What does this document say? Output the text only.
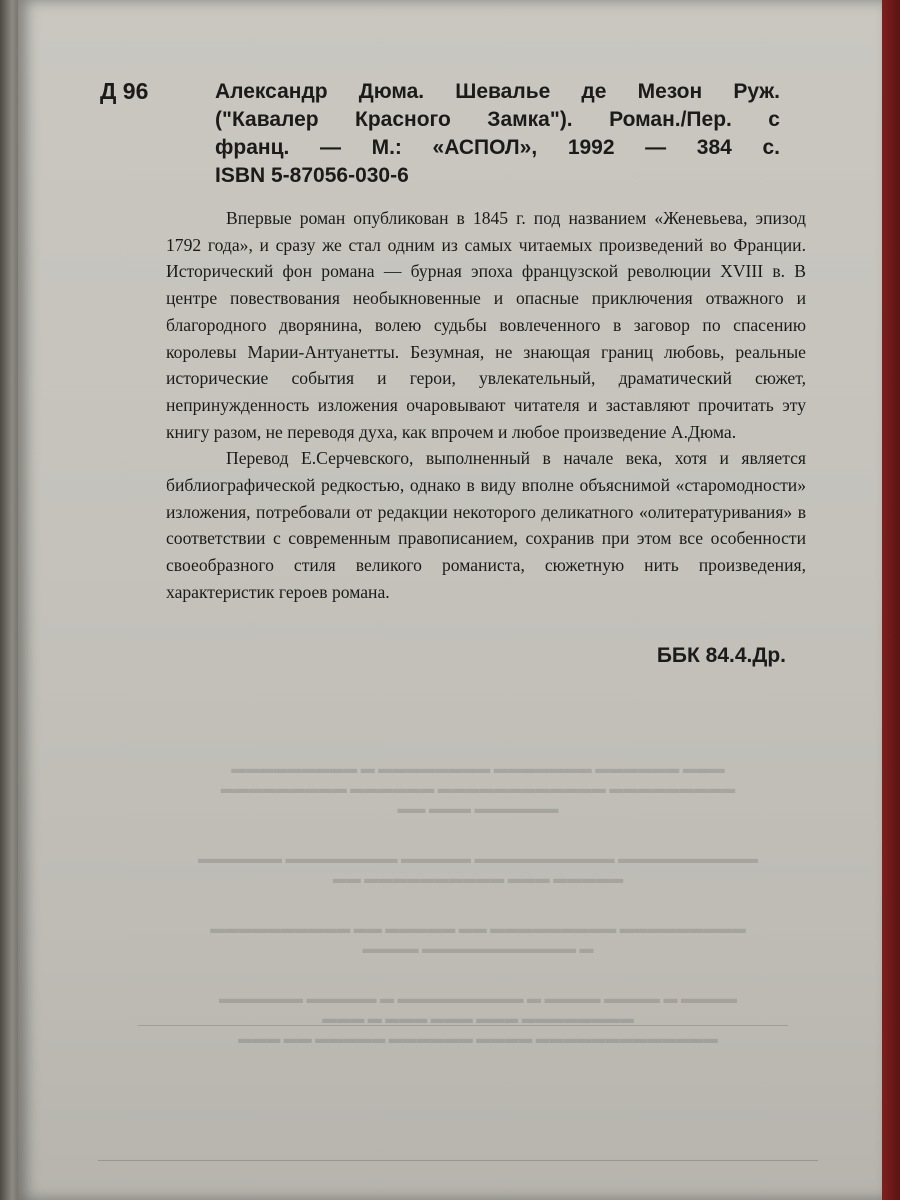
Д 96	Александр Дюма. Шевалье де Мезон Руж.
("Кавалер Красного Замка"). Роман./Пер. с
франц. — М.: «АСПОЛ», 1992 — 384 с.
ISBN 5-87056-030-6

Впервые роман опубликован в 1845 г. под названием «Женевьева, эпизод 1792 года», и сразу же стал одним из самых читаемых произведений во Франции. Исторический фон романа — бурная эпоха французской революции XVIII в. В центре повествования необыкновенные и опасные приключения отважного и благородного дворянина, волею судьбы вовлеченного в заговор по спасению королевы Марии-Антуанетты. Безумная, не знающая границ любовь, реальные исторические события и герои, увлекательный, драматический сюжет, непринужденность изложения очаровывают читателя и заставляют прочитать эту книгу разом, не переводя духа, как впрочем и любое произведение А.Дюма.

Перевод Е.Серчевского, выполненный в начале века, хотя и является библиографической редкостью, однако в виду вполне объяснимой «старомодности» изложения, потребовали от редакции некоторого деликатного «олитературивания» в соответствии с современным правописанием, сохранив при этом все особенности своеобразного стиля великого романиста, сюжетную нить произведения, характеристик героев романа.

ББК 84.4.Др.
▬▬▬ ▬▬▬▬▬▬ ▬▬▬▬▬▬▬ ▬▬▬▬▬▬▬▬ ▬ ▬▬▬▬▬▬▬▬▬
▬▬▬▬▬▬▬▬▬ ▬▬▬▬▬▬▬▬▬▬▬▬ ▬▬▬▬▬▬ ▬▬▬▬▬▬▬▬▬
▬▬▬▬▬▬ ▬▬▬ ▬▬
▬▬▬▬▬▬▬▬▬▬ ▬▬▬▬▬▬▬▬▬▬ ▬▬▬▬▬ ▬▬▬▬▬▬▬▬ ▬▬▬▬▬▬
▬▬▬▬▬ ▬▬▬ ▬▬▬▬▬▬▬▬▬▬ ▬▬
▬▬▬▬▬▬▬▬▬ ▬▬▬▬▬▬▬▬▬ ▬▬ ▬▬▬▬▬ ▬▬ ▬▬▬▬▬▬▬▬▬▬
▬ ▬▬▬▬▬▬▬▬▬▬▬ ▬▬▬▬
▬▬▬▬ ▬ ▬▬▬▬ ▬▬▬▬ ▬ ▬▬▬▬▬▬▬▬▬ ▬ ▬▬▬▬▬ ▬▬▬▬▬▬
▬▬▬▬▬▬▬▬ ▬▬▬ ▬▬▬ ▬▬▬ ▬ ▬▬▬
▬▬▬▬▬▬▬▬▬▬▬▬▬ ▬▬▬▬ ▬▬▬▬▬▬ ▬▬▬▬▬ ▬▬ ▬▬▬
